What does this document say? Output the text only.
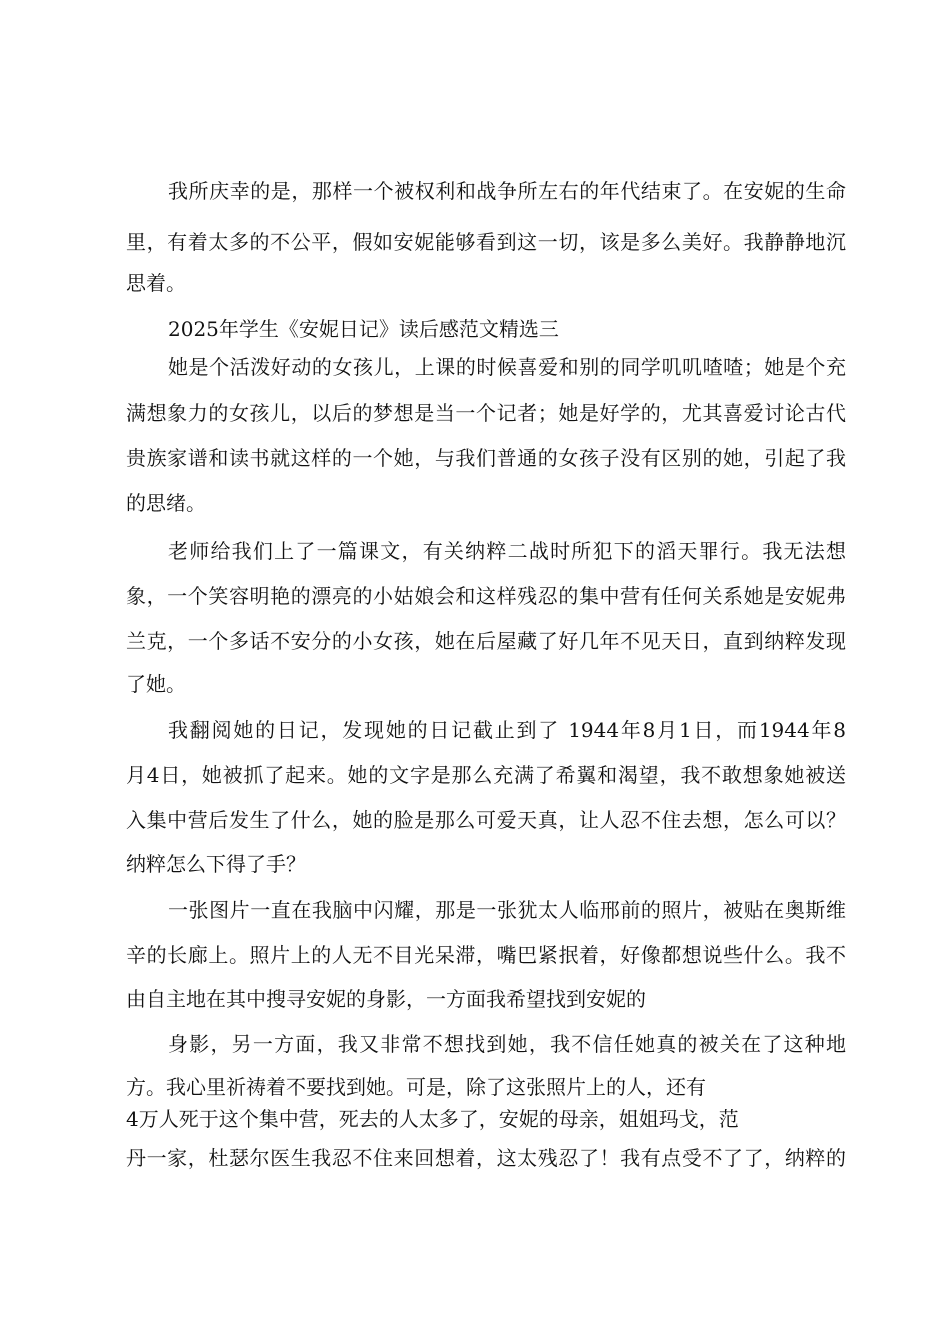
我所庆幸的是，那样一个被权利和战争所左右的年代结束了。在安妮的生命
里，有着太多的不公平，假如安妮能够看到这一切，该是多么美好。我静静地沉
思着。
2025年学生《安妮日记》读后感范文精选三
她是个活泼好动的女孩儿，上课的时候喜爱和别的同学叽叽喳喳；她是个充
满想象力的女孩儿，以后的梦想是当一个记者；她是好学的，尤其喜爱讨论古代
贵族家谱和读书就这样的一个她，与我们普通的女孩子没有区别的她，引起了我
的思绪。
老师给我们上了一篇课文，有关纳粹二战时所犯下的滔天罪行。我无法想
象，一个笑容明艳的漂亮的小姑娘会和这样残忍的集中营有任何关系她是安妮弗
兰克，一个多话不安分的小女孩，她在后屋藏了好几年不见天日，直到纳粹发现
了她。
我翻阅她的日记，发现她的日记截止到了 1944年8月1日，而1944年8
月4日，她被抓了起来。她的文字是那么充满了希翼和渴望，我不敢想象她被送
入集中营后发生了什么，她的脸是那么可爱天真，让人忍不住去想，怎么可以？
纳粹怎么下得了手？
一张图片一直在我脑中闪耀，那是一张犹太人临邢前的照片，被贴在奥斯维
辛的长廊上。照片上的人无不目光呆滞，嘴巴紧抿着，好像都想说些什么。我不
由自主地在其中搜寻安妮的身影，一方面我希望找到安妮的
身影，另一方面，我又非常不想找到她，我不信任她真的被关在了这种地
方。我心里祈祷着不要找到她。可是，除了这张照片上的人，还有
4万人死于这个集中营，死去的人太多了，安妮的母亲，姐姐玛戈，范
丹一家，杜瑟尔医生我忍不住来回想着，这太残忍了！我有点受不了了，纳粹的
